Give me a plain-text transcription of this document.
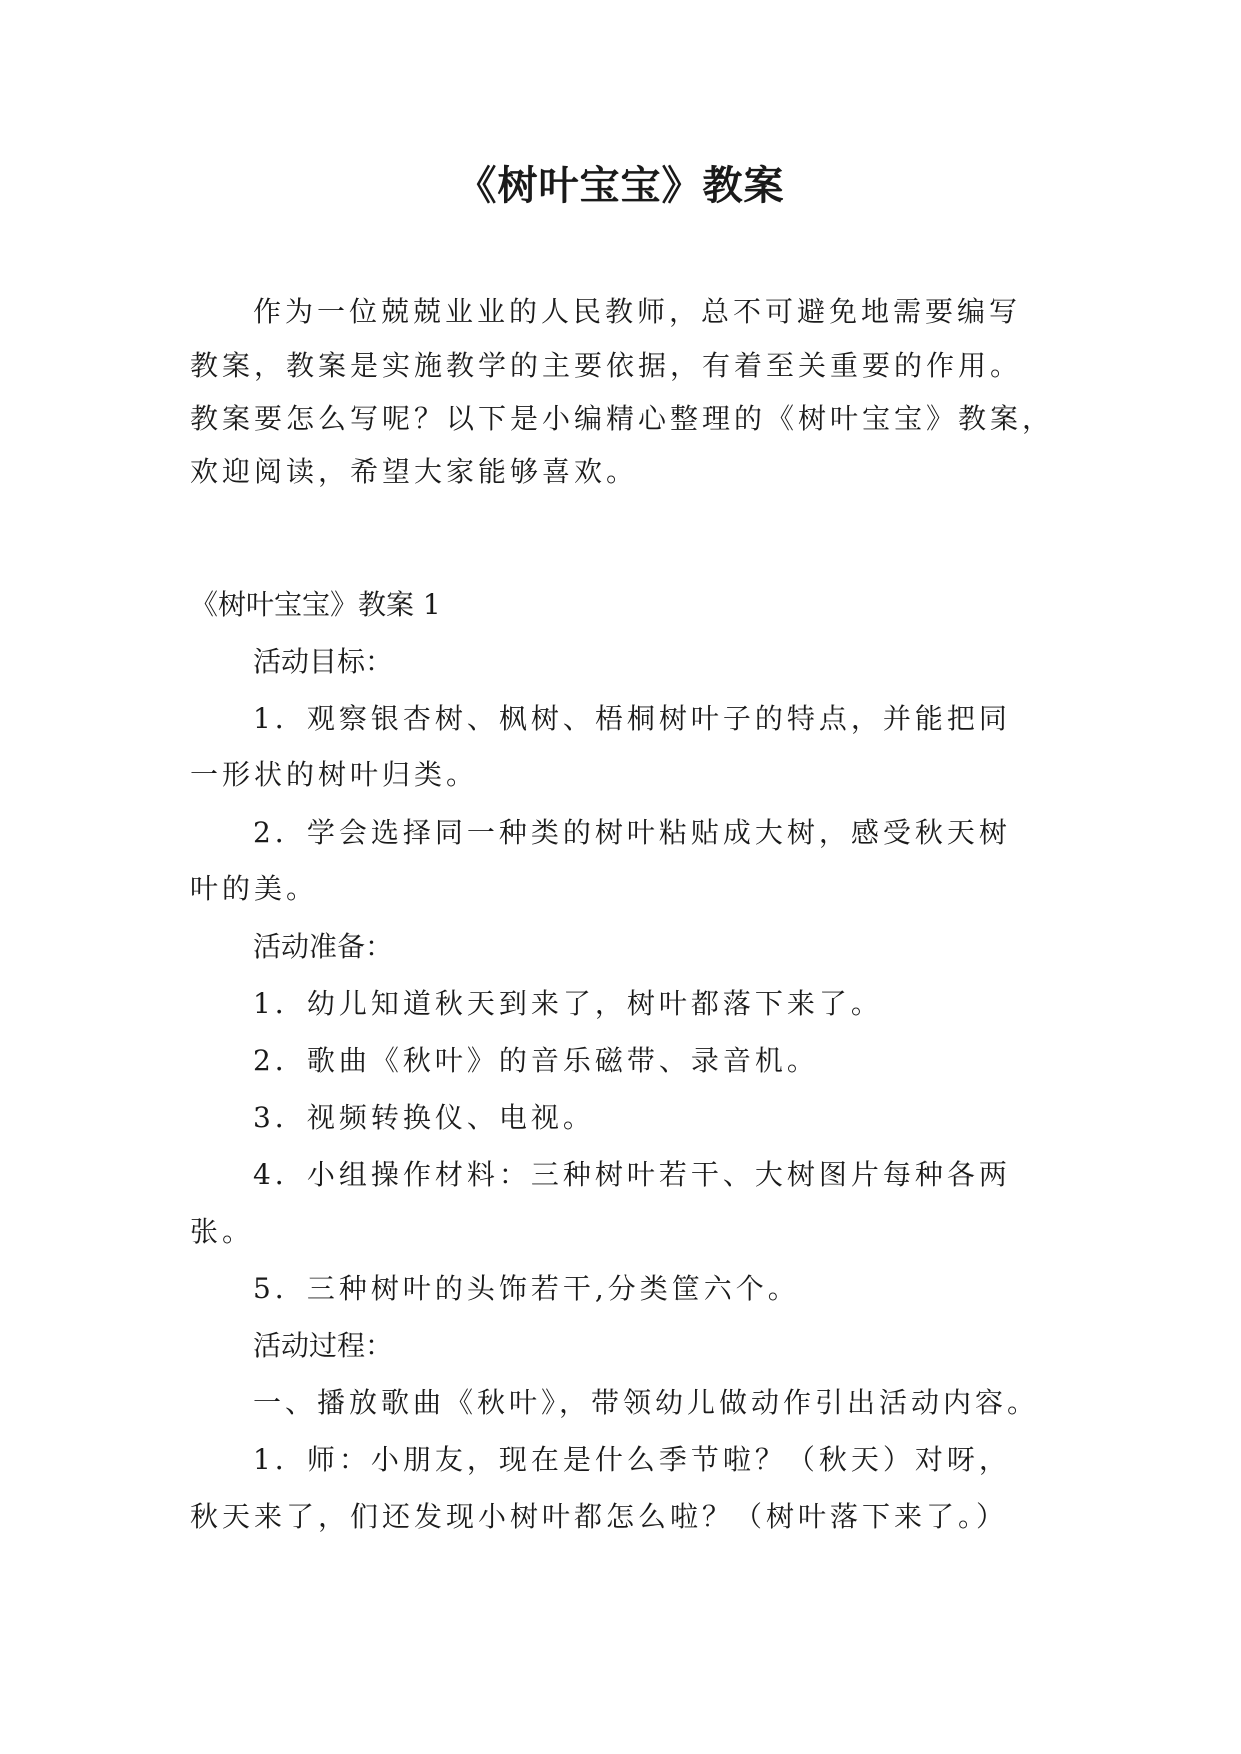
《树叶宝宝》教案

作为一位兢兢业业的人民教师，总不可避免地需要编写

教案，教案是实施教学的主要依据，有着至关重要的作用。

教案要怎么写呢？以下是小编精心整理的《树叶宝宝》教案，

欢迎阅读，希望大家能够喜欢。

《树叶宝宝》教案 1

活动目标：

1．观察银杏树、枫树、梧桐树叶子的特点，并能把同

一形状的树叶归类。

2．学会选择同一种类的树叶粘贴成大树，感受秋天树

叶的美。

活动准备：

1．幼儿知道秋天到来了，树叶都落下来了。

2．歌曲《秋叶》的音乐磁带、录音机。

3．视频转换仪、电视。

4．小组操作材料：三种树叶若干、大树图片每种各两

张。

5．三种树叶的头饰若干,分类筐六个。

活动过程：

一、播放歌曲《秋叶》，带领幼儿做动作引出活动内容。

1．师：小朋友，现在是什么季节啦？（秋天）对呀，

秋天来了，们还发现小树叶都怎么啦？（树叶落下来了。）
